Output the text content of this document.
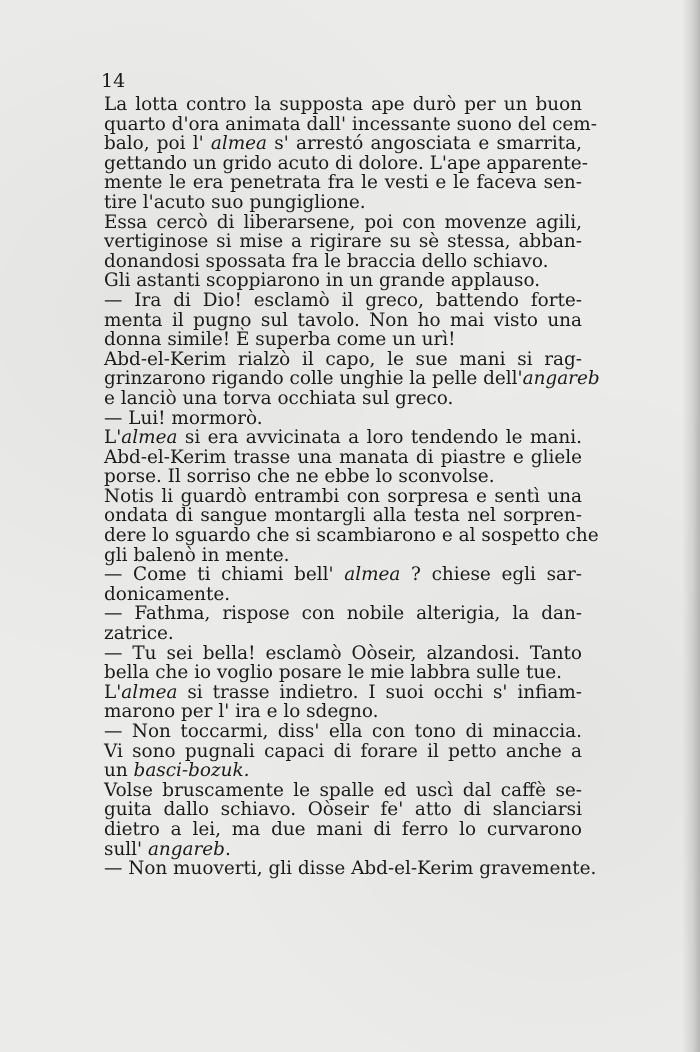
14
La lotta contro la supposta ape durò per un buon
quarto d'ora animata dall' incessante suono del cem-
balo, poi l' almea s' arrestó angosciata e smarrita,
gettando un grido acuto di dolore. L'ape apparente-
mente le era penetrata fra le vesti e le faceva sen-
tire l'acuto suo pungiglione.
Essa cercò di liberarsene, poi con movenze agili,
vertiginose si mise a rigirare su sè stessa, abban-
donandosi spossata fra le braccia dello schiavo.
Gli astanti scoppiarono in un grande applauso.
— Ira di Dio! esclamò il greco, battendo forte-
menta il pugno sul tavolo. Non ho mai visto una
donna simile! È superba come un urì!
Abd-el-Kerim rialzò il capo, le sue mani si rag-
grinzarono rigando colle unghie la pelle dell'angareb
e lanciò una torva occhiata sul greco.
— Lui! mormorò.
L'almea si era avvicinata a loro tendendo le mani.
Abd-el-Kerim trasse una manata di piastre e gliele
porse. Il sorriso che ne ebbe lo sconvolse.
Notis li guardò entrambi con sorpresa e sentì una
ondata di sangue montargli alla testa nel sorpren-
dere lo sguardo che si scambiarono e al sospetto che
gli balenò in mente.
— Come ti chiami bell' almea ? chiese egli sar-
donicamente.
— Fathma, rispose con nobile alterigia, la dan-
zatrice.
— Tu sei bella! esclamò Oòseir, alzandosi. Tanto
bella che io voglio posare le mie labbra sulle tue.
L'almea si trasse indietro. I suoi occhi s' infiam-
marono per l' ira e lo sdegno.
— Non toccarmi, diss' ella con tono di minaccia.
Vi sono pugnali capaci di forare il petto anche a
un basci-bozuk.
Volse bruscamente le spalle ed uscì dal caffè se-
guita dallo schiavo. Oòseir fe' atto di slanciarsi
dietro a lei, ma due mani di ferro lo curvarono
sull' angareb.
— Non muoverti, gli disse Abd-el-Kerim gravemente.
